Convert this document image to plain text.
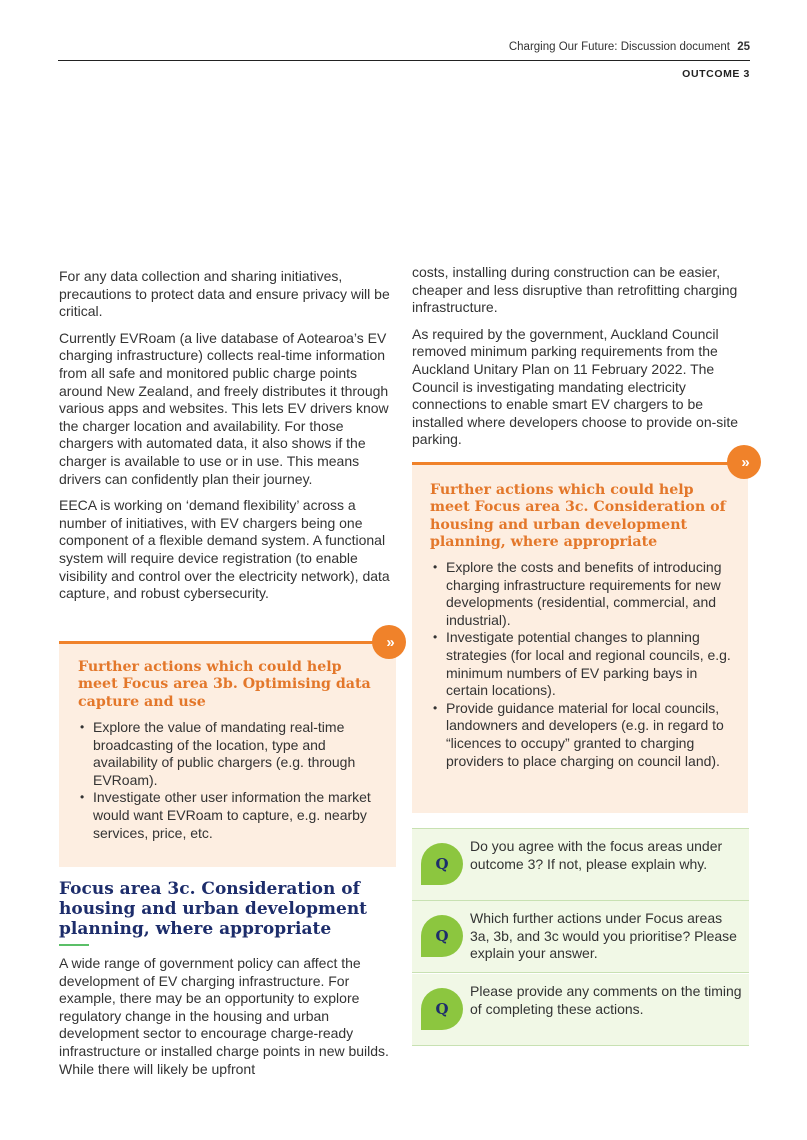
Charging Our Future: Discussion document 25
OUTCOME 3

For any data collection and sharing initiatives, precautions to protect data and ensure privacy will be critical.

Currently EVRoam (a live database of Aotearoa’s EV charging infrastructure) collects real-time information from all safe and monitored public charge points around New Zealand, and freely distributes it through various apps and websites. This lets EV drivers know the charger location and availability. For those chargers with automated data, it also shows if the charger is available to use or in use. This means drivers can confidently plan their journey.

EECA is working on ‘demand flexibility’ across a number of initiatives, with EV chargers being one component of a flexible demand system. A functional system will require device registration (to enable visibility and control over the electricity network), data capture, and robust cybersecurity.

»
Further actions which could help meet Focus area 3b. Optimising data capture and use
• Explore the value of mandating real-time broadcasting of the location, type and availability of public chargers (e.g. through EVRoam).
• Investigate other user information the market would want EVRoam to capture, e.g. nearby services, price, etc.
Focus area 3c. Consideration of housing and urban development planning, where appropriate

A wide range of government policy can affect the development of EV charging infrastructure. For example, there may be an opportunity to explore regulatory change in the housing and urban development sector to encourage charge-ready infrastructure or installed charge points in new builds. While there will likely be upfront

costs, installing during construction can be easier, cheaper and less disruptive than retrofitting charging infrastructure.

As required by the government, Auckland Council removed minimum parking requirements from the Auckland Unitary Plan on 11 February 2022. The Council is investigating mandating electricity connections to enable smart EV chargers to be installed where developers choose to provide on-site parking.

»
Further actions which could help meet Focus area 3c. Consideration of housing and urban development planning, where appropriate
• Explore the costs and benefits of introducing charging infrastructure requirements for new developments (residential, commercial, and industrial).
• Investigate potential changes to planning strategies (for local and regional councils, e.g. minimum numbers of EV parking bays in certain locations).
• Provide guidance material for local councils, landowners and developers (e.g. in regard to “licences to occupy” granted to charging providers to place charging on council land).
Q
Do you agree with the focus areas under outcome 3? If not, please explain why.
Q
Which further actions under Focus areas 3a, 3b, and 3c would you prioritise? Please explain your answer.
Q
Please provide any comments on the timing of completing these actions.
